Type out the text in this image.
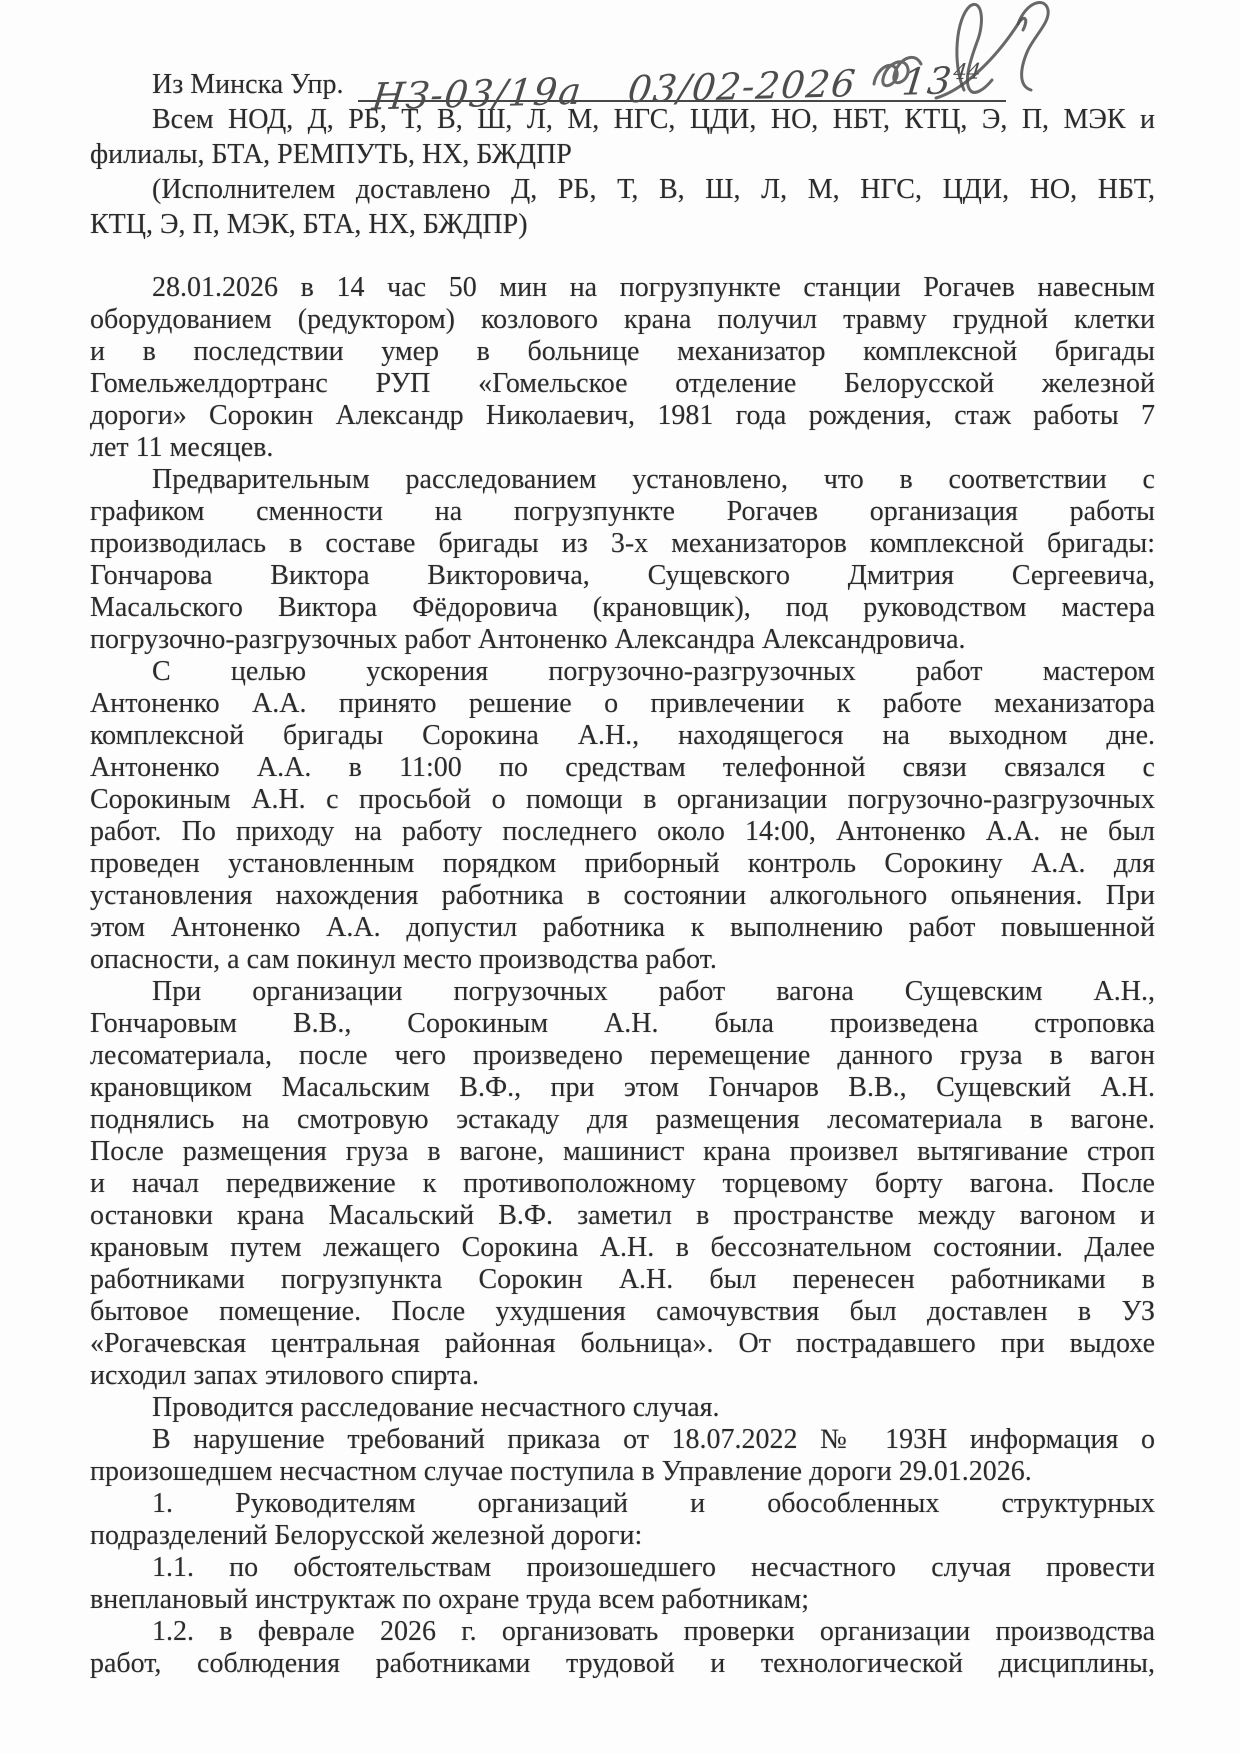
Из Минска Упр. НЗ-03/19а 03/02-2026 $13^{44}$
Всем НОД, Д, РБ, Т, В, Ш, Л, М, НГС, ЦДИ, НО, НБТ, КТЦ, Э, П, МЭК и
филиалы, БТА, РЕМПУТЬ, НХ, БЖДПР
(Исполнителем доставлено Д, РБ, Т, В, Ш, Л, М, НГС, ЦДИ, НО, НБТ,
КТЦ, Э, П, МЭК, БТА, НХ, БЖДПР)
28.01.2026 в 14 час 50 мин на погрузпункте станции Рогачев навесным
оборудованием (редуктором) козлового крана получил травму грудной клетки
и в последствии умер в больнице механизатор комплексной бригады
Гомельжелдортранс РУП «Гомельское отделение Белорусской железной
дороги» Сорокин Александр Николаевич, 1981 года рождения, стаж работы 7
лет 11 месяцев.
Предварительным расследованием установлено, что в соответствии с
графиком сменности на погрузпункте Рогачев организация работы
производилась в составе бригады из 3-х механизаторов комплексной бригады:
Гончарова Виктора Викторовича, Сущевского Дмитрия Сергеевича,
Масальского Виктора Фёдоровича (крановщик), под руководством мастера
погрузочно-разгрузочных работ Антоненко Александра Александровича.
С целью ускорения погрузочно-разгрузочных работ мастером
Антоненко А.А. принято решение о привлечении к работе механизатора
комплексной бригады Сорокина А.Н., находящегося на выходном дне.
Антоненко А.А. в 11:00 по средствам телефонной связи связался с
Сорокиным А.Н. с просьбой о помощи в организации погрузочно-разгрузочных
работ. По приходу на работу последнего около 14:00, Антоненко А.А. не был
проведен установленным порядком приборный контроль Сорокину А.А. для
установления нахождения работника в состоянии алкогольного опьянения. При
этом Антоненко А.А. допустил работника к выполнению работ повышенной
опасности, а сам покинул место производства работ.
При организации погрузочных работ вагона Сущевским А.Н.,
Гончаровым В.В., Сорокиным А.Н. была произведена строповка
лесоматериала, после чего произведено перемещение данного груза в вагон
крановщиком Масальским В.Ф., при этом Гончаров В.В., Сущевский А.Н.
поднялись на смотровую эстакаду для размещения лесоматериала в вагоне.
После размещения груза в вагоне, машинист крана произвел вытягивание строп
и начал передвижение к противоположному торцевому борту вагона. После
остановки крана Масальский В.Ф. заметил в пространстве между вагоном и
крановым путем лежащего Сорокина А.Н. в бессознательном состоянии. Далее
работниками погрузпункта Сорокин А.Н. был перенесен работниками в
бытовое помещение. После ухудшения самочувствия был доставлен в УЗ
«Рогачевская центральная районная больница». От пострадавшего при выдохе
исходил запах этилового спирта.
Проводится расследование несчастного случая.
В нарушение требований приказа от 18.07.2022 № 193Н информация о
произошедшем несчастном случае поступила в Управление дороги 29.01.2026.
1. Руководителям организаций и обособленных структурных
подразделений Белорусской железной дороги:
1.1. по обстоятельствам произошедшего несчастного случая провести
внеплановый инструктаж по охране труда всем работникам;
1.2. в феврале 2026 г. организовать проверки организации производства
работ, соблюдения работниками трудовой и технологической дисциплины,
